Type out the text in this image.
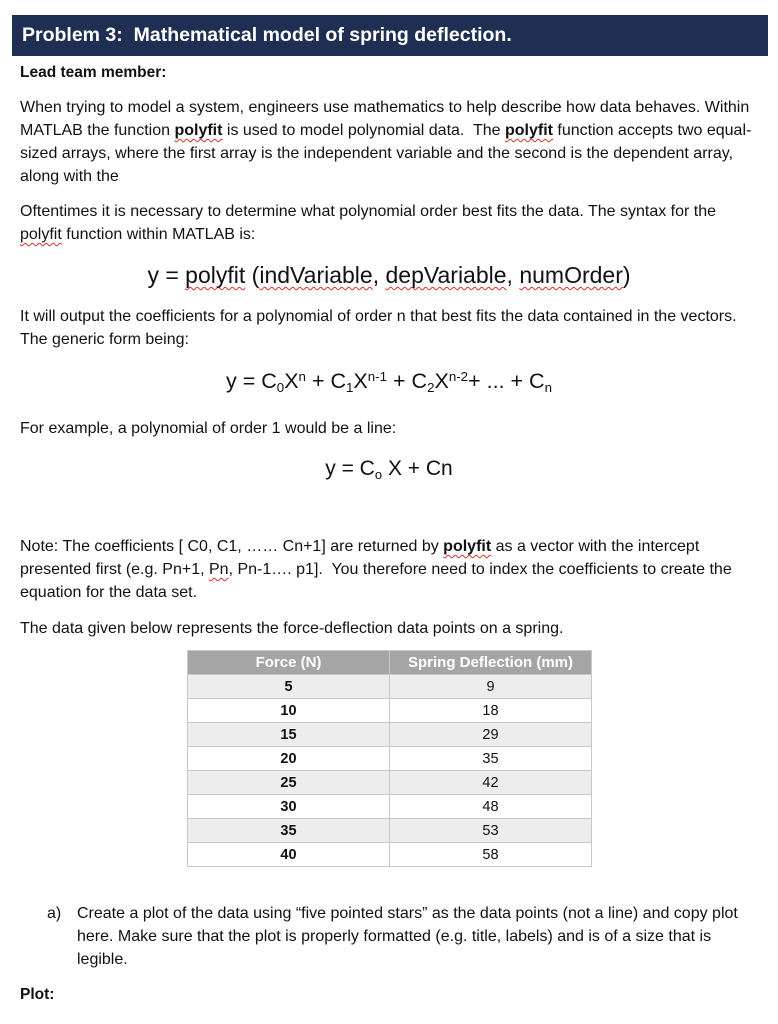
Problem 3:  Mathematical model of spring deflection.
Lead team member:

When trying to model a system, engineers use mathematics to help describe how data behaves. Within MATLAB the function polyfit is used to model polynomial data.  The polyfit function accepts two equal-sized arrays, where the first array is the independent variable and the second is the dependent array, along with the

Oftentimes it is necessary to determine what polynomial order best fits the data. The syntax for the polyfit function within MATLAB is:

y = polyfit (indVariable, depVariable, numOrder)

It will output the coefficients for a polynomial of order n that best fits the data contained in the vectors. The generic form being:

$y = C_0X^n + C_1X^{n-1} + C_2X^{n-2}+$ ... + $C_n$

For example, a polynomial of order 1 would be a line:

$y = C_o$ X + Cn

Note: The coefficients [ C0, C1, …… Cn+1] are returned by polyfit as a vector with the intercept presented first (e.g. Pn+1, Pn, Pn-1…. p1].  You therefore need to index the coefficients to create the equation for the data set.

The data given below represents the force-deflection data points on a spring.

Force (N)	Spring Deflection (mm)
5	9
10	18
15	29
20	35
25	42
30	48
35	53
40	58
a) Create a plot of the data using “five pointed stars” as the data points (not a line) and copy plot here. Make sure that the plot is properly formatted (e.g. title, labels) and is of a size that is legible.

Plot:
